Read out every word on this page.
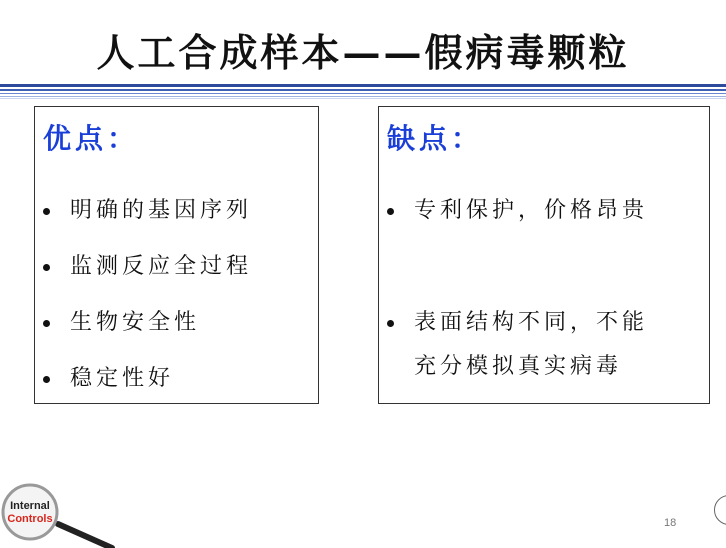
人工合成样本——假病毒颗粒
优点：
明确的基因序列
监测反应全过程
生物安全性
稳定性好
缺点：
专利保护，价格昂贵
表面结构不同，不能
充分模拟真实病毒
Internal
Controls	18
